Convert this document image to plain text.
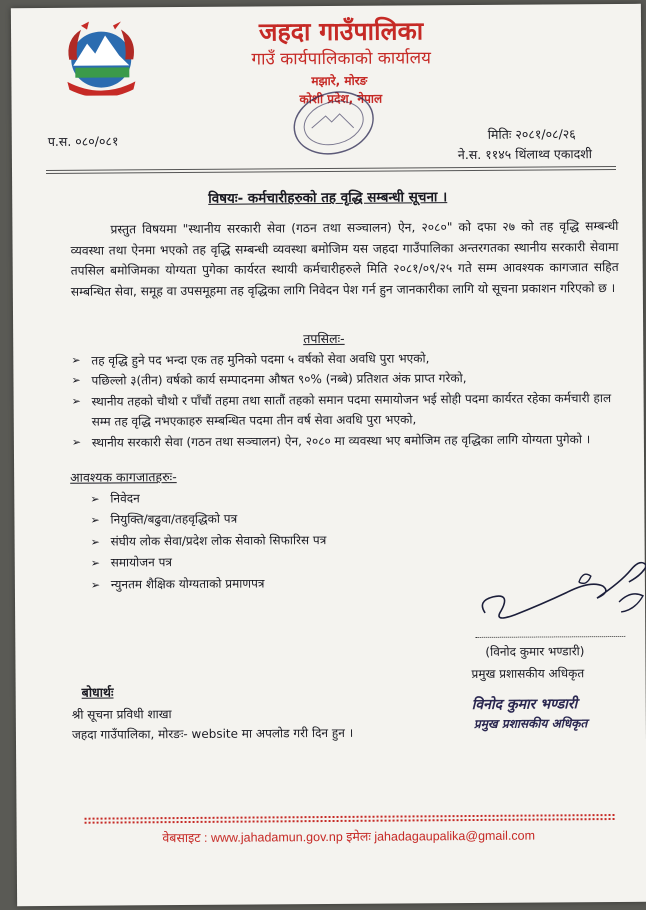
जहदा गाउँपालिका
गाउँ कार्यपालिकाको कार्यालय
मझारे, मोरङ
कोशी प्रदेश, नेपाल
प.स. ०८०/०८१	मितिः २०८१/०८/२६
ने.स. ११४५ थिंलाथ्व एकादशी
विषयः- कर्मचारीहरुको तह वृद्धि सम्बन्धी सूचना ।
प्रस्तुत विषयमा "स्थानीय सरकारी सेवा (गठन तथा सञ्चालन) ऐन, २०८०" को दफा २७ को तह वृद्धि सम्बन्धी व्यवस्था तथा ऐनमा भएको तह वृद्धि सम्बन्धी व्यवस्था बमोजिम यस जहदा गाउँपालिका अन्तरगतका स्थानीय सरकारी सेवामा तपसिल बमोजिमका योग्यता पुगेका कार्यरत स्थायी कर्मचारीहरुले मिति २०८१/०९/२५ गते सम्म आवश्यक कागजात सहित सम्बन्धित सेवा, समूह वा उपसमूहमा तह वृद्धिका लागि निवेदन पेश गर्न हुन जानकारीका लागि यो सूचना प्रकाशन गरिएको छ ।
तपसिलः-
➢ तह वृद्धि हुने पद भन्दा एक तह मुनिको पदमा ५ वर्षको सेवा अवधि पुरा भएको,
➢ पछिल्लो ३(तीन) वर्षको कार्य सम्पादनमा औषत ९०% (नब्बे) प्रतिशत अंक प्राप्त गरेको,
➢ स्थानीय तहको चौथो र पाँचौं तहमा तथा सातौं तहको समान पदमा समायोजन भई सोही पदमा कार्यरत रहेका कर्मचारी हाल सम्म तह वृद्धि नभएकाहरु सम्बन्धित पदमा तीन वर्ष सेवा अवधि पुरा भएको,
➢ स्थानीय सरकारी सेवा (गठन तथा सञ्चालन) ऐन, २०८० मा व्यवस्था भए बमोजिम तह वृद्धिका लागि योग्यता पुगेको ।
आवश्यक कागजातहरुः-
➢ निवेदन
➢ नियुक्ति/बढुवा/तहवृद्धिको पत्र
➢ संघीय लोक सेवा/प्रदेश लोक सेवाको सिफारिस पत्र
➢ समायोजन पत्र
➢ न्युनतम शैक्षिक योग्यताको प्रमाणपत्र
(विनोद कुमार भण्डारी)
प्रमुख प्रशासकीय अधिकृत
विनोद कुमार भण्डारी
प्रमुख प्रशासकीय अधिकृत
बोधार्थः
श्री सूचना प्रविधी शाखा
जहदा गाउँपालिका, मोरङः- website मा अपलोड गरी दिन हुन ।
वेबसाइट : www.jahadamun.gov.np इमेलः jahadagaupalika@gmail.com
